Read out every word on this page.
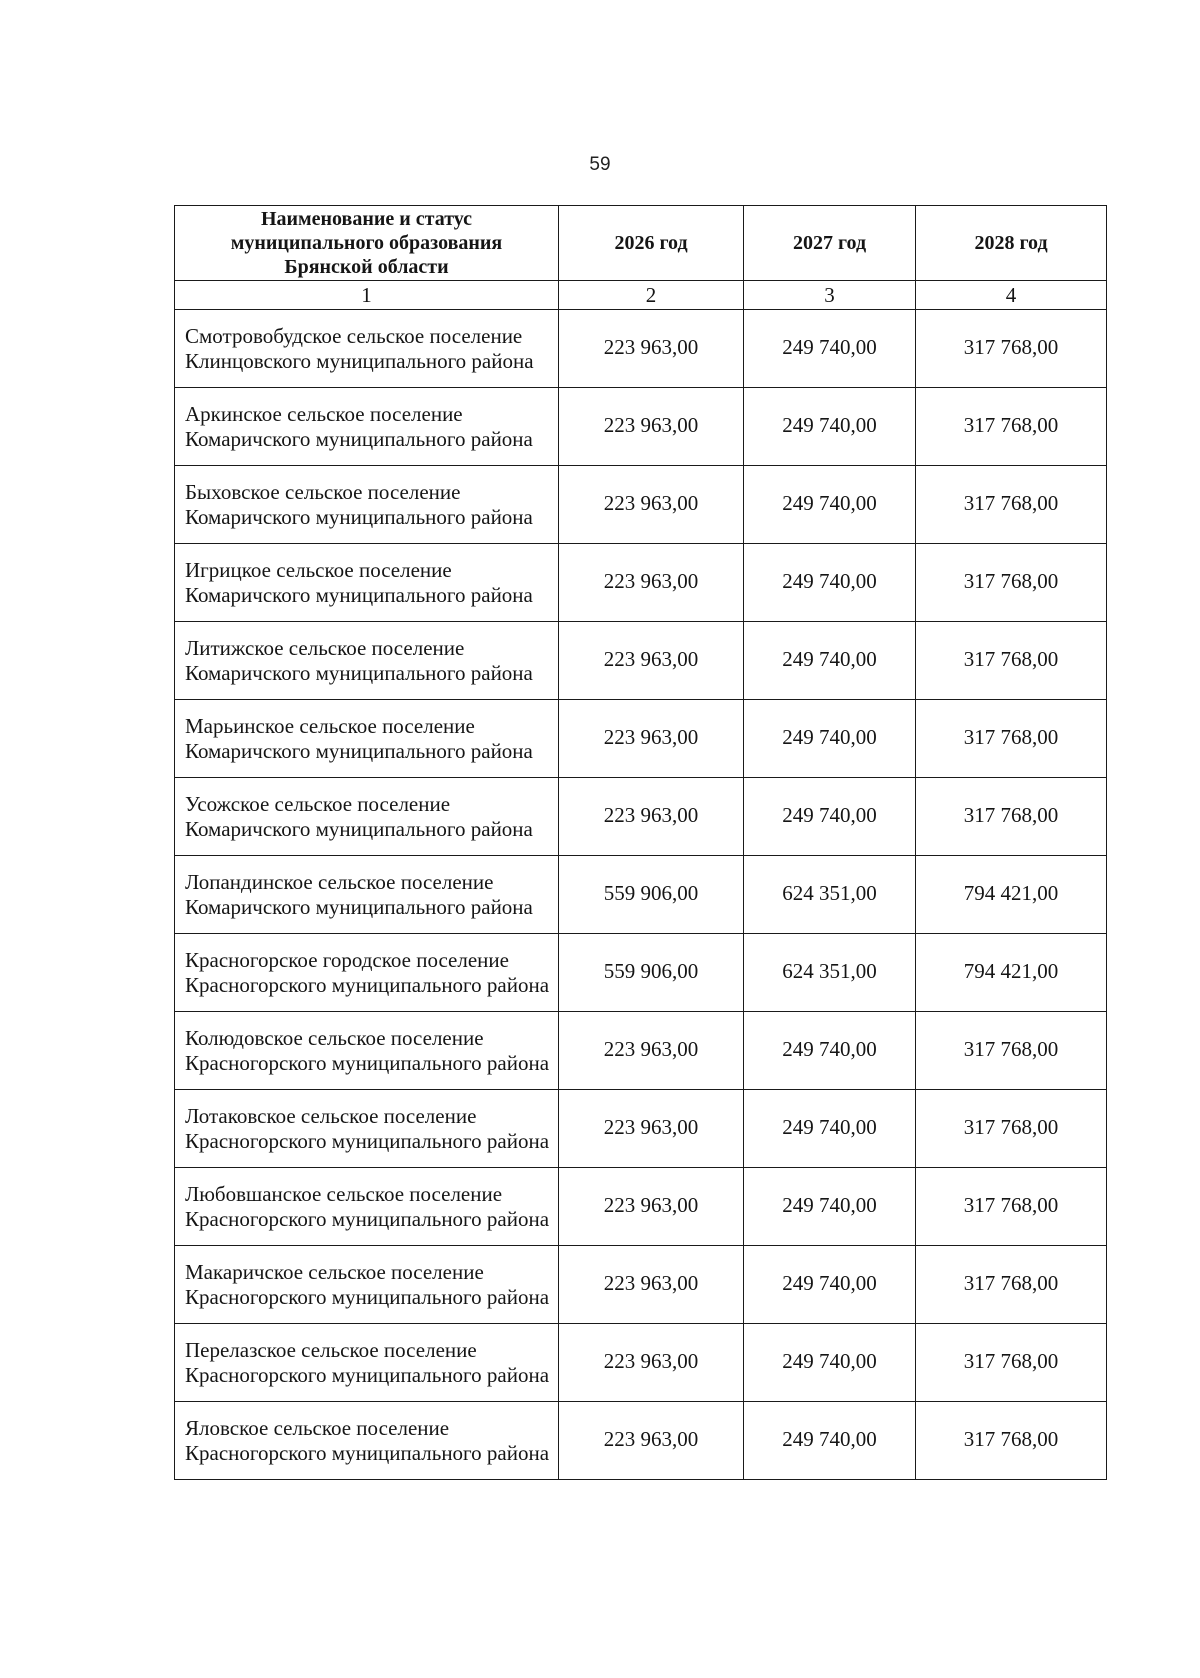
59
Наименование и статус муниципального образования Брянской области	2026 год	2027 год	2028 год
1	2	3	4
Смотровобудское сельское поселение Клинцовского муниципального района	223 963,00	249 740,00	317 768,00
Аркинское сельское поселение Комаричского муниципального района	223 963,00	249 740,00	317 768,00
Быховское сельское поселение Комаричского муниципального района	223 963,00	249 740,00	317 768,00
Игрицкое сельское поселение Комаричского муниципального района	223 963,00	249 740,00	317 768,00
Литижское сельское поселение Комаричского муниципального района	223 963,00	249 740,00	317 768,00
Марьинское сельское поселение Комаричского муниципального района	223 963,00	249 740,00	317 768,00
Усожское сельское поселение Комаричского муниципального района	223 963,00	249 740,00	317 768,00
Лопандинское сельское поселение Комаричского муниципального района	559 906,00	624 351,00	794 421,00
Красногорское городское поселение Красногорского муниципального района	559 906,00	624 351,00	794 421,00
Колюдовское сельское поселение Красногорского муниципального района	223 963,00	249 740,00	317 768,00
Лотаковское сельское поселение Красногорского муниципального района	223 963,00	249 740,00	317 768,00
Любовшанское сельское поселение Красногорского муниципального района	223 963,00	249 740,00	317 768,00
Макаричское сельское поселение Красногорского муниципального района	223 963,00	249 740,00	317 768,00
Перелазское сельское поселение Красногорского муниципального района	223 963,00	249 740,00	317 768,00
Яловское сельское поселение Красногорского муниципального района	223 963,00	249 740,00	317 768,00
